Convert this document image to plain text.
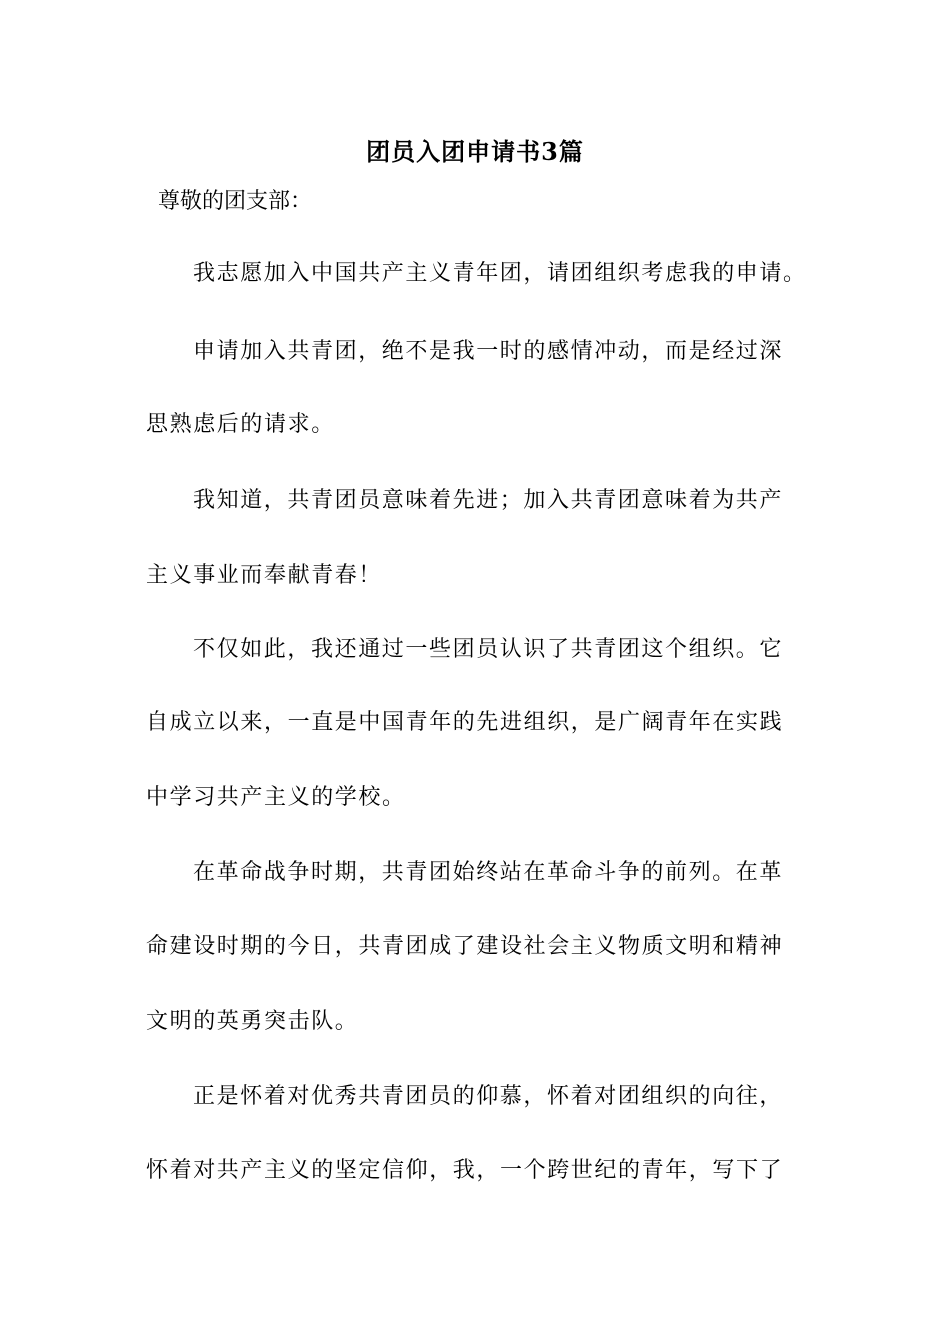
团员入团申请书3篇
尊敬的团支部：
我志愿加入中国共产主义青年团，请团组织考虑我的申请。
申请加入共青团，绝不是我一时的感情冲动，而是经过深
思熟虑后的请求。
我知道，共青团员意味着先进；加入共青团意味着为共产
主义事业而奉献青春！
不仅如此，我还通过一些团员认识了共青团这个组织。它
自成立以来，一直是中国青年的先进组织，是广阔青年在实践
中学习共产主义的学校。
在革命战争时期，共青团始终站在革命斗争的前列。在革
命建设时期的今日，共青团成了建设社会主义物质文明和精神
文明的英勇突击队。
正是怀着对优秀共青团员的仰慕，怀着对团组织的向往，
怀着对共产主义的坚定信仰，我，一个跨世纪的青年，写下了
